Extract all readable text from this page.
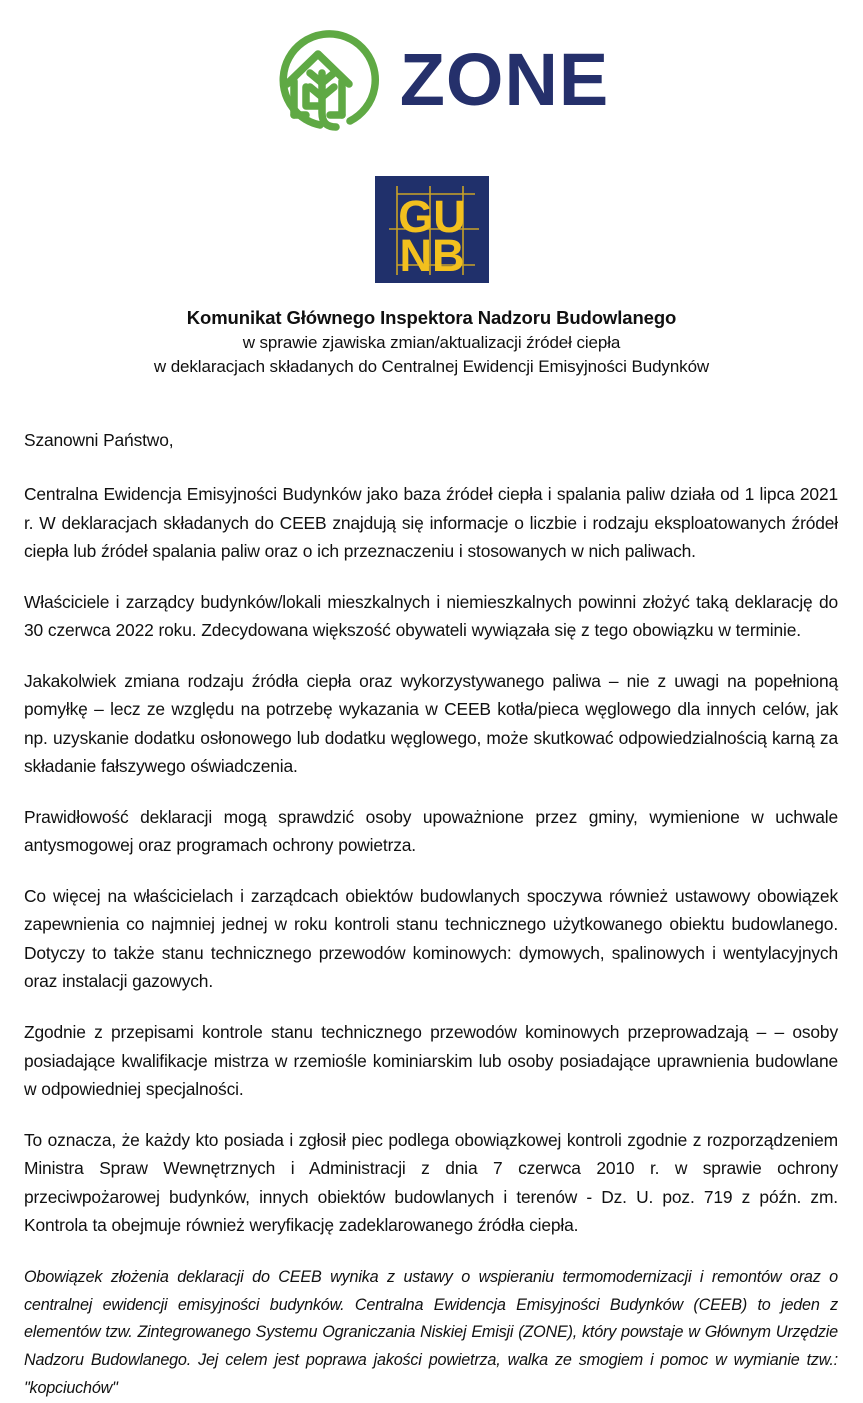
ZONE
GU
NB
Komunikat Głównego Inspektora Nadzoru Budowlanego
w sprawie zjawiska zmian/aktualizacji źródeł ciepła
w deklaracjach składanych do Centralnej Ewidencji Emisyjności Budynków

Szanowni Państwo,

Centralna Ewidencja Emisyjności Budynków jako baza źródeł ciepła i spalania paliw działa od 1 lipca 2021 r. W deklaracjach składanych do CEEB znajdują się informacje o liczbie i rodzaju eksploatowanych źródeł ciepła lub źródeł spalania paliw oraz o ich przeznaczeniu i stosowanych w nich paliwach.

Właściciele i zarządcy budynków/lokali mieszkalnych i niemieszkalnych powinni złożyć taką deklarację do 30 czerwca 2022 roku. Zdecydowana większość obywateli wywiązała się z tego obowiązku w terminie.

Jakakolwiek zmiana rodzaju źródła ciepła oraz wykorzystywanego paliwa – nie z uwagi na popełnioną pomyłkę – lecz ze względu na potrzebę wykazania w CEEB kotła/pieca węglowego dla innych celów, jak np. uzyskanie dodatku osłonowego lub dodatku węglowego, może skutkować odpowiedzialnością karną za składanie fałszywego oświadczenia.

Prawidłowość deklaracji mogą sprawdzić osoby upoważnione przez gminy, wymienione w uchwale antysmogowej oraz programach ochrony powietrza.

Co więcej na właścicielach i zarządcach obiektów budowlanych spoczywa również ustawowy obowiązek zapewnienia co najmniej jednej w roku kontroli stanu technicznego użytkowanego obiektu budowlanego. Dotyczy to także stanu technicznego przewodów kominowych: dymowych, spalinowych i wentylacyjnych oraz instalacji gazowych.

Zgodnie z przepisami kontrole stanu technicznego przewodów kominowych przeprowadzają – – osoby posiadające kwalifikacje mistrza w rzemiośle kominiarskim lub osoby posiadające uprawnienia budowlane w odpowiedniej specjalności.

To oznacza, że każdy kto posiada i zgłosił piec podlega obowiązkowej kontroli zgodnie z rozporządzeniem Ministra Spraw Wewnętrznych i Administracji z dnia 7 czerwca 2010 r. w sprawie ochrony przeciwpożarowej budynków, innych obiektów budowlanych i terenów - Dz. U. poz. 719 z późn. zm. Kontrola ta obejmuje również weryfikację zadeklarowanego źródła ciepła.

Obowiązek złożenia deklaracji do CEEB wynika z ustawy o wspieraniu termomodernizacji i remontów oraz o centralnej ewidencji emisyjności budynków. Centralna Ewidencja Emisyjności Budynków (CEEB) to jeden z elementów tzw. Zintegrowanego Systemu Ograniczania Niskiej Emisji (ZONE), który powstaje w Głównym Urzędzie Nadzoru Budowlanego. Jej celem jest poprawa jakości powietrza, walka ze smogiem i pomoc w wymianie tzw.: "kopciuchów"
